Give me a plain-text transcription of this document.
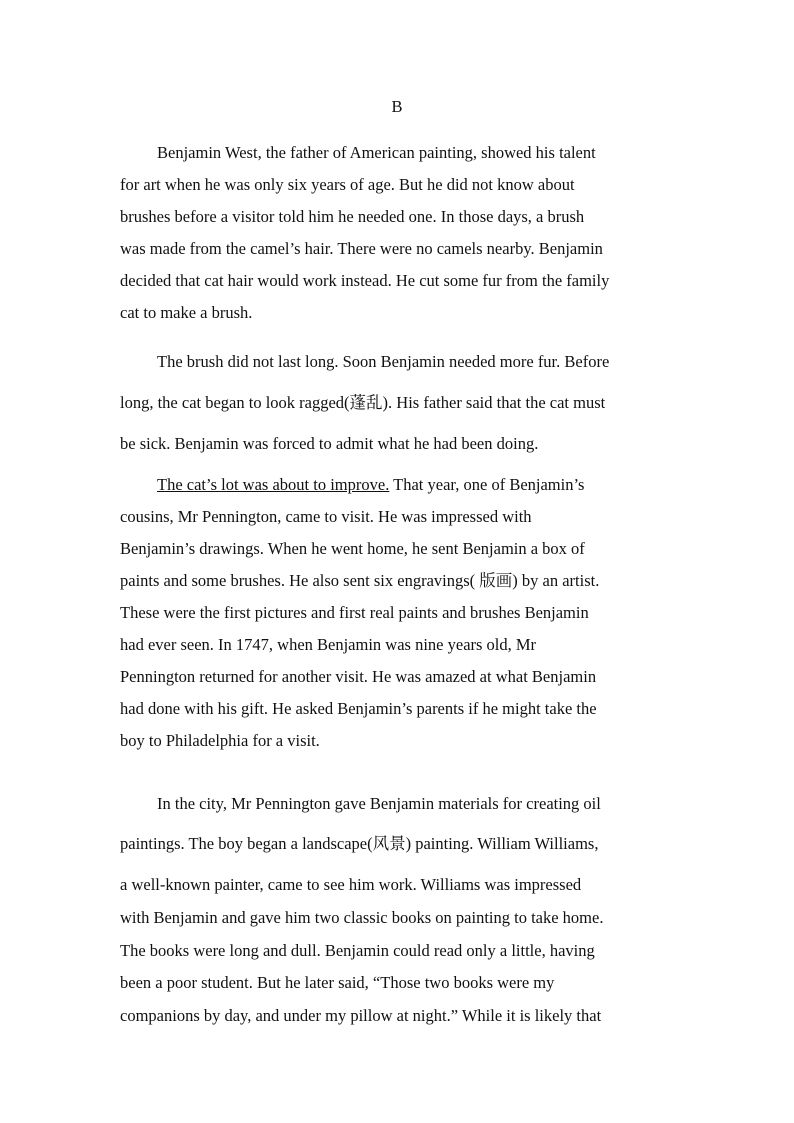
B
Benjamin West, the father of American painting, showed his talent
for art when he was only six years of age. But he did not know about
brushes before a visitor told him he needed one. In those days, a brush
was made from the camel’s hair. There were no camels nearby. Benjamin
decided that cat hair would work instead. He cut some fur from the family
cat to make a brush.
The brush did not last long. Soon Benjamin needed more fur. Before
long, the cat began to look ragged(蓬乱). His father said that the cat must
be sick. Benjamin was forced to admit what he had been doing.
The cat’s lot was about to improve. That year, one of Benjamin’s
cousins, Mr Pennington, came to visit. He was impressed with
Benjamin’s drawings. When he went home, he sent Benjamin a box of
paints and some brushes. He also sent six engravings( 版画) by an artist.
These were the first pictures and first real paints and brushes Benjamin
had ever seen. In 1747, when Benjamin was nine years old, Mr
Pennington returned for another visit. He was amazed at what Benjamin
had done with his gift. He asked Benjamin’s parents if he might take the
boy to Philadelphia for a visit.
In the city, Mr Pennington gave Benjamin materials for creating oil
paintings. The boy began a landscape(风景) painting. William Williams,
a well-known painter, came to see him work. Williams was impressed
with Benjamin and gave him two classic books on painting to take home.
The books were long and dull. Benjamin could read only a little, having
been a poor student. But he later said, “Those two books were my
companions by day, and under my pillow at night.” While it is likely that
